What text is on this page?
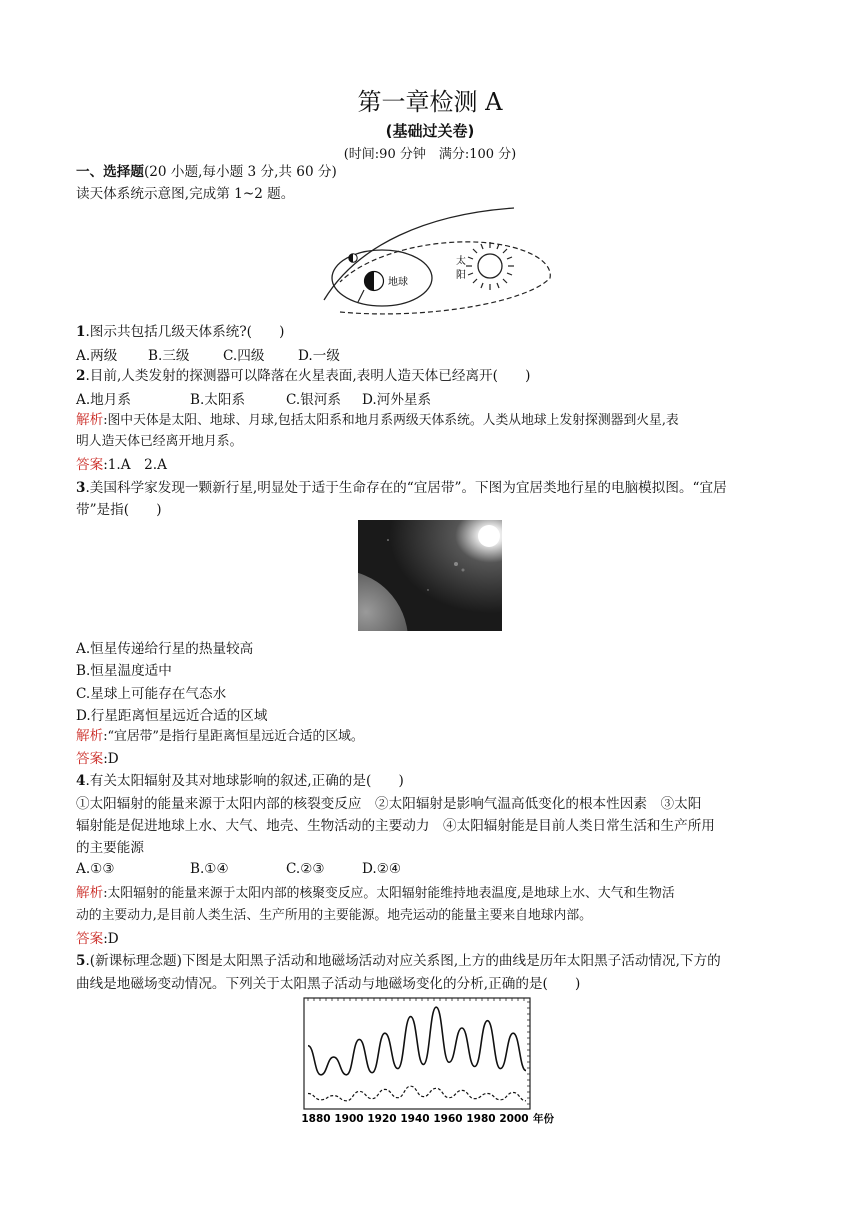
第一章检测 A
(基础过关卷)
(时间:90 分钟　满分:100 分)
一、选择题(20 小题,每小题 3 分,共 60 分)
读天体系统示意图,完成第 1~2 题。
地球
太
阳
1.图示共包括几级天体系统?(　　)
A.两级 B.三级 C.四级 D.一级
2.目前,人类发射的探测器可以降落在火星表面,表明人造天体已经离开(　　)
A.地月系	B.太阳系	C.银河系 D.河外星系
解析:图中天体是太阳、地球、月球,包括太阳系和地月系两级天体系统。人类从地球上发射探测器到火星,表
明人造天体已经离开地月系。
答案:1.A　2.A
3.美国科学家发现一颗新行星,明显处于适于生命存在的“宜居带”。下图为宜居类地行星的电脑模拟图。“宜居
带”是指(　　)
A.恒星传递给行星的热量较高
B.恒星温度适中
C.星球上可能存在气态水
D.行星距离恒星远近合适的区域
解析:“宜居带”是指行星距离恒星远近合适的区域。
答案:D
4.有关太阳辐射及其对地球影响的叙述,正确的是(　　)
①太阳辐射的能量来源于太阳内部的核裂变反应　②太阳辐射是影响气温高低变化的根本性因素　③太阳
辐射能是促进地球上水、大气、地壳、生物活动的主要动力　④太阳辐射能是目前人类日常生活和生产所用
的主要能源
A.①③	B.①④	C.②③	D.②④
解析:太阳辐射的能量来源于太阳内部的核聚变反应。太阳辐射能维持地表温度,是地球上水、大气和生物活
动的主要动力,是目前人类生活、生产所用的主要能源。地壳运动的能量主要来自地球内部。
答案:D
5.(新课标理念题)下图是太阳黑子活动和地磁场活动对应关系图,上方的曲线是历年太阳黑子活动情况,下方的
曲线是地磁场变动情况。下列关于太阳黑子活动与地磁场变化的分析,正确的是(　　)
1880 1900 1920 1940 1960 1980 2000 年份
